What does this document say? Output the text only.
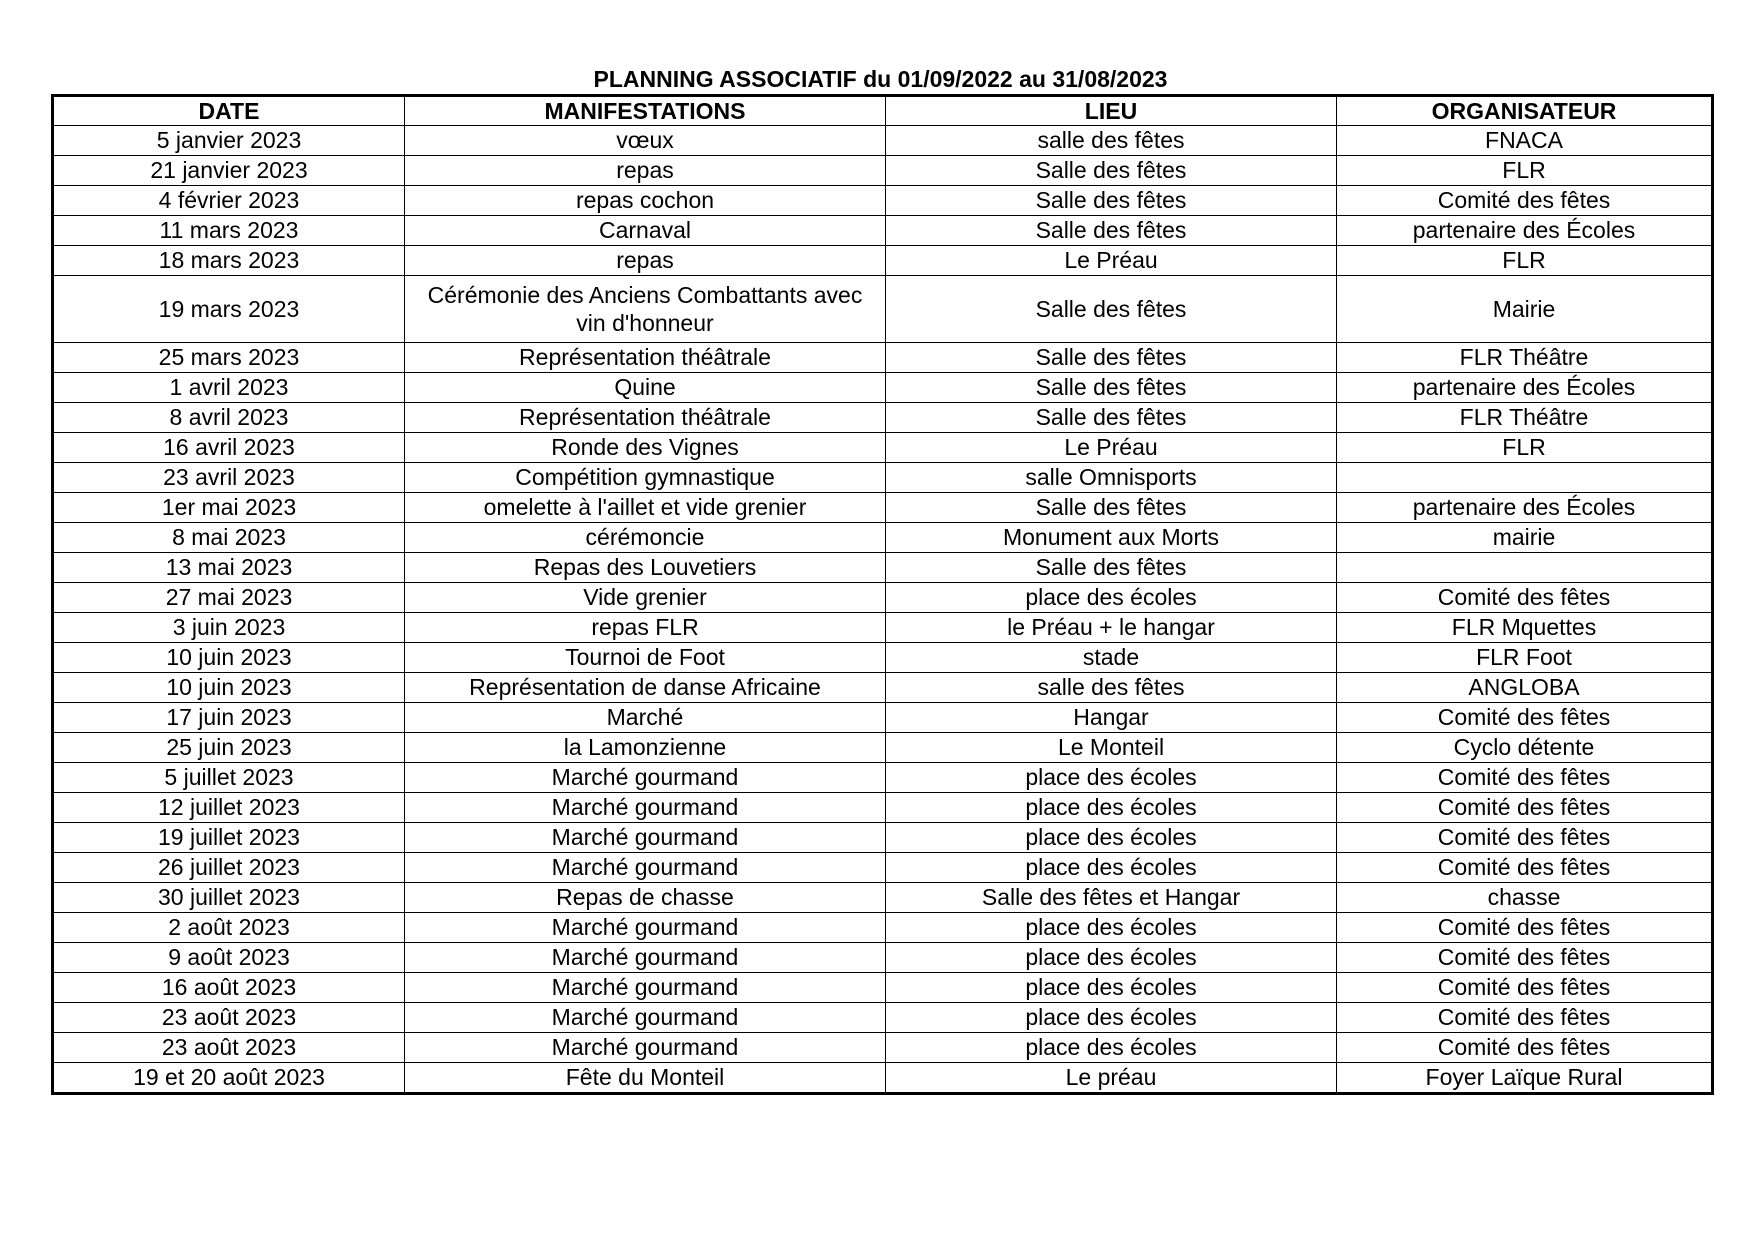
PLANNING ASSOCIATIF du 01/09/2022 au 31/08/2023
DATE	MANIFESTATIONS	LIEU	ORGANISATEUR
5 janvier 2023	vœux	salle des fêtes	FNACA
21 janvier 2023	repas	Salle des fêtes	FLR
4 février 2023	repas cochon	Salle des fêtes	Comité des fêtes
11 mars 2023	Carnaval	Salle des fêtes	partenaire des Écoles
18 mars 2023	repas	Le Préau	FLR
19 mars 2023	Cérémonie des Anciens Combattants avec vin d'honneur	Salle des fêtes	Mairie
25 mars 2023	Représentation théâtrale	Salle des fêtes	FLR Théâtre
1 avril 2023	Quine	Salle des fêtes	partenaire des Écoles
8 avril 2023	Représentation théâtrale	Salle des fêtes	FLR Théâtre
16 avril 2023	Ronde des Vignes	Le Préau	FLR
23 avril 2023	Compétition gymnastique	salle Omnisports	
1er mai 2023	omelette à l'aillet et vide grenier	Salle des fêtes	partenaire des Écoles
8 mai 2023	cérémoncie	Monument aux Morts	mairie
13 mai 2023	Repas des Louvetiers	Salle des fêtes	
27 mai 2023	Vide grenier	place des écoles	Comité des fêtes
3 juin 2023	repas FLR	le Préau + le hangar	FLR Mquettes
10 juin 2023	Tournoi de Foot	stade	FLR Foot
10 juin 2023	Représentation de danse Africaine	salle des fêtes	ANGLOBA
17 juin 2023	Marché	Hangar	Comité des fêtes
25 juin 2023	la Lamonzienne	Le Monteil	Cyclo détente
5 juillet 2023	Marché gourmand	place des écoles	Comité des fêtes
12 juillet 2023	Marché gourmand	place des écoles	Comité des fêtes
19 juillet 2023	Marché gourmand	place des écoles	Comité des fêtes
26 juillet 2023	Marché gourmand	place des écoles	Comité des fêtes
30 juillet 2023	Repas de chasse	Salle des fêtes et Hangar	chasse
2 août 2023	Marché gourmand	place des écoles	Comité des fêtes
9 août 2023	Marché gourmand	place des écoles	Comité des fêtes
16 août 2023	Marché gourmand	place des écoles	Comité des fêtes
23 août 2023	Marché gourmand	place des écoles	Comité des fêtes
23 août 2023	Marché gourmand	place des écoles	Comité des fêtes
19 et 20 août 2023	Fête du Monteil	Le préau	Foyer Laïque Rural
